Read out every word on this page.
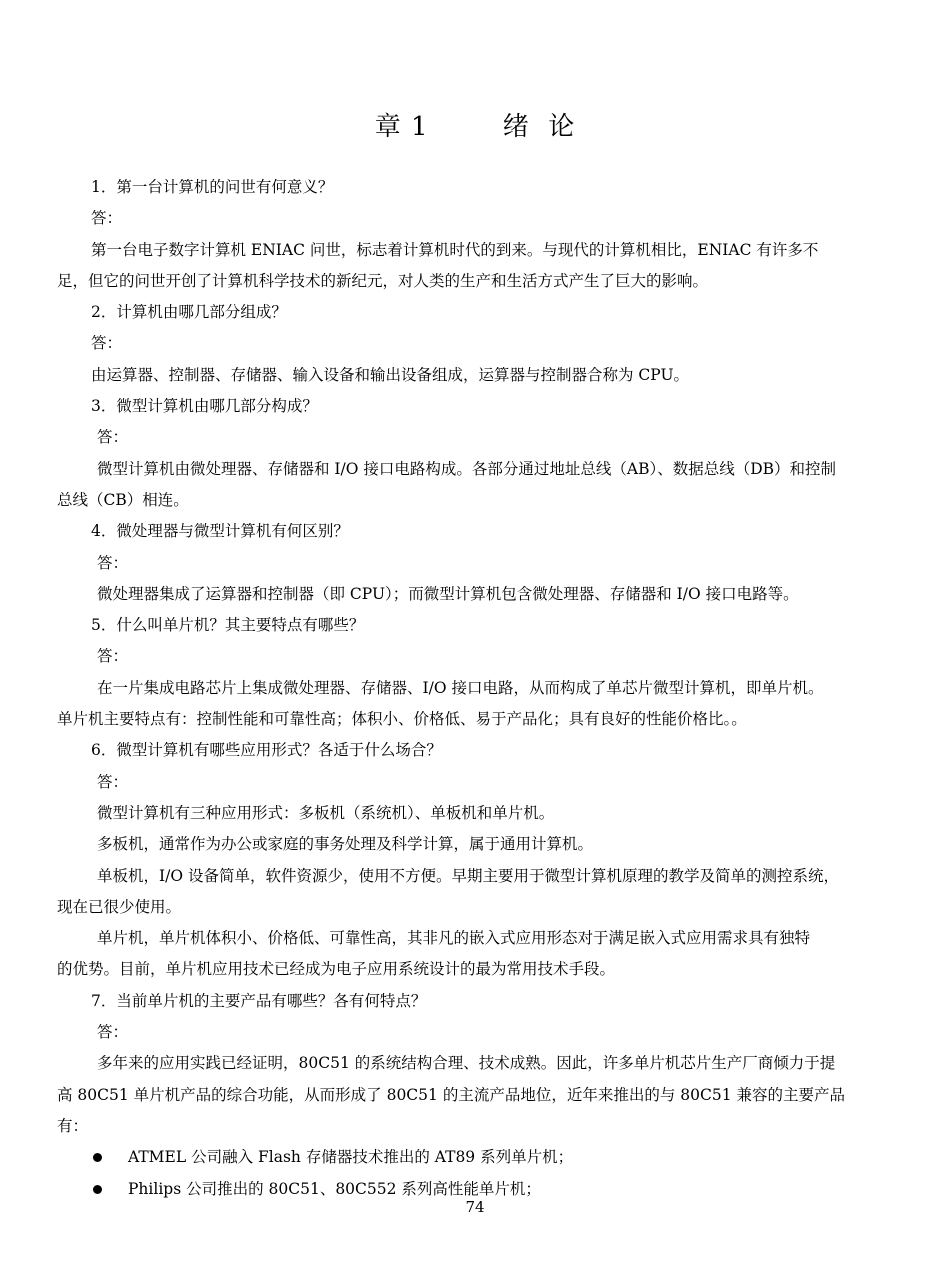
章 1        绪  论
1．第一台计算机的问世有何意义？
答：
第一台电子数字计算机 ENIAC 问世，标志着计算机时代的到来。与现代的计算机相比，ENIAC 有许多不
足，但它的问世开创了计算机科学技术的新纪元，对人类的生产和生活方式产生了巨大的影响。
2．计算机由哪几部分组成？
答：
由运算器、控制器、存储器、输入设备和输出设备组成，运算器与控制器合称为 CPU。
3．微型计算机由哪几部分构成？
答：
微型计算机由微处理器、存储器和 I/O 接口电路构成。各部分通过地址总线（AB）、数据总线（DB）和控制
总线（CB）相连。
4．微处理器与微型计算机有何区别？
答：
微处理器集成了运算器和控制器（即 CPU）；而微型计算机包含微处理器、存储器和 I/O 接口电路等。
5．什么叫单片机？其主要特点有哪些？
答：
在一片集成电路芯片上集成微处理器、存储器、I/O 接口电路，从而构成了单芯片微型计算机，即单片机。
单片机主要特点有：控制性能和可靠性高；体积小、价格低、易于产品化；具有良好的性能价格比。。
6．微型计算机有哪些应用形式？各适于什么场合？
答：
微型计算机有三种应用形式：多板机（系统机）、单板机和单片机。
多板机，通常作为办公或家庭的事务处理及科学计算，属于通用计算机。
单板机，I/O 设备简单，软件资源少，使用不方便。早期主要用于微型计算机原理的教学及简单的测控系统，
现在已很少使用。
单片机，单片机体积小、价格低、可靠性高，其非凡的嵌入式应用形态对于满足嵌入式应用需求具有独特
的优势。目前，单片机应用技术已经成为电子应用系统设计的最为常用技术手段。
7．当前单片机的主要产品有哪些？各有何特点？
答：
多年来的应用实践已经证明，80C51 的系统结构合理、技术成熟。因此，许多单片机芯片生产厂商倾力于提
高 80C51 单片机产品的综合功能，从而形成了 80C51 的主流产品地位，近年来推出的与 80C51 兼容的主要产品
有：
ATMEL 公司融入 Flash 存储器技术推出的 AT89 系列单片机；
Philips 公司推出的 80C51、80C552 系列高性能单片机；
74
